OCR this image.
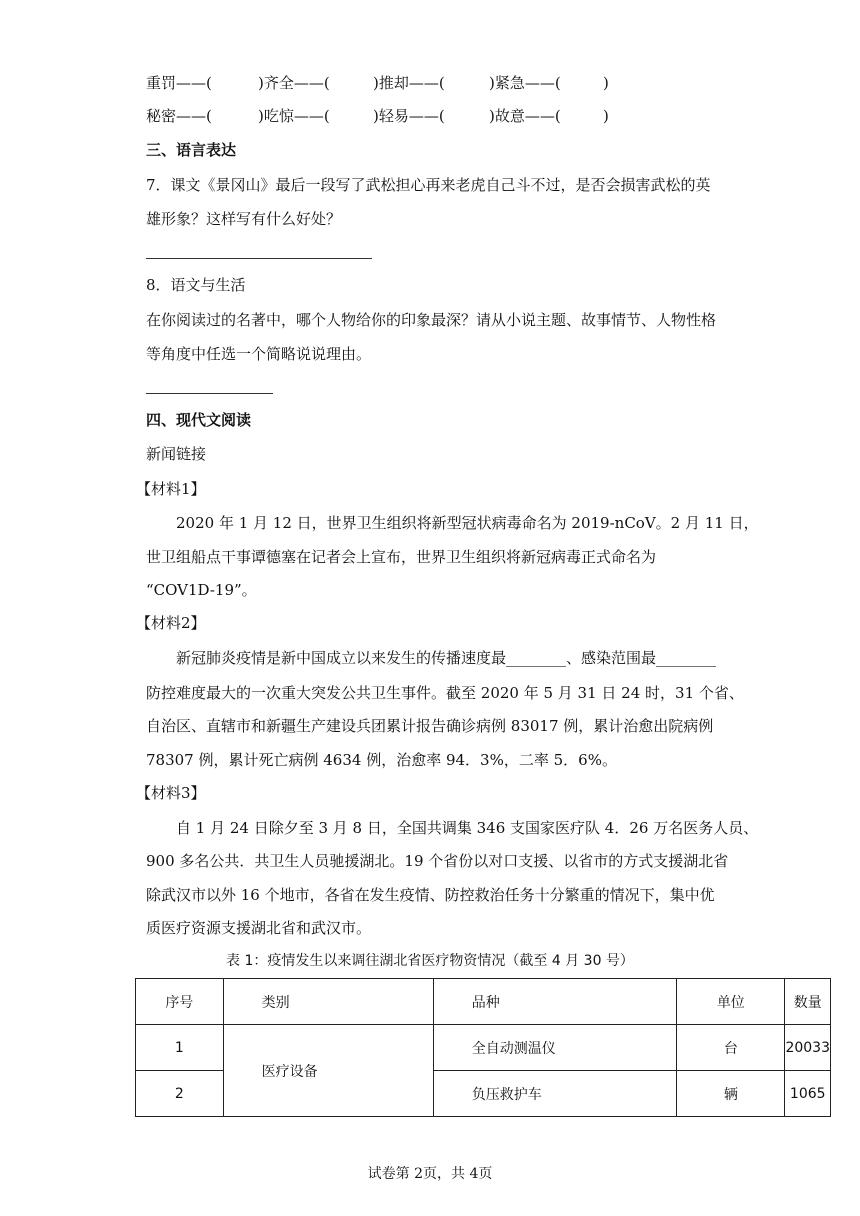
重罚——(	)齐全——(	)推却——(	)紧急——(	)
秘密——(	)吃惊——(	)轻易——(	)故意——(	)
三、语言表达
7．课文《景冈山》最后一段写了武松担心再来老虎自己斗不过，是否会损害武松的英
雄形象？这样写有什么好处？
8．语文与生活
在你阅读过的名著中，哪个人物给你的印象最深？请从小说主题、故事情节、人物性格
等角度中任选一个简略说说理由。
四、现代文阅读
新闻链接
【材料1】
2020 年 1 月 12 日，世界卫生组织将新型冠状病毒命名为 2019-nCoV。2 月 11 日，
世卫组船点干事谭德塞在记者会上宣布，世界卫生组织将新冠病毒正式命名为
“COV1D-19”。
【材料2】
新冠肺炎疫情是新中国成立以来发生的传播速度最________、感染范围最________
防控难度最大的一次重大突发公共卫生事件。截至 2020 年 5 月 31 日 24 时，31 个省、
自治区、直辖市和新疆生产建设兵团累计报告确诊病例 83017 例，累计治愈出院病例
78307 例，累计死亡病例 4634 例，治愈率 94．3%，二率 5．6%。
【材料3】
自 1 月 24 日除夕至 3 月 8 日，全国共调集 346 支国家医疗队 4．26 万名医务人员、
900 多名公共．共卫生人员驰援湖北。19 个省份以对口支援、以省市的方式支援湖北省
除武汉市以外 16 个地市，各省在发生疫情、防控救治任务十分繁重的情况下，集中优
质医疗资源支援湖北省和武汉市。
表 1：疫情发生以来调往湖北省医疗物资情况（截至 4 月 30 号）
序号	类别	品种	单位	数量
1	医疗设备	全自动测温仪	台	20033
2		负压救护车	辆	1065
试卷第 2页，共 4页
